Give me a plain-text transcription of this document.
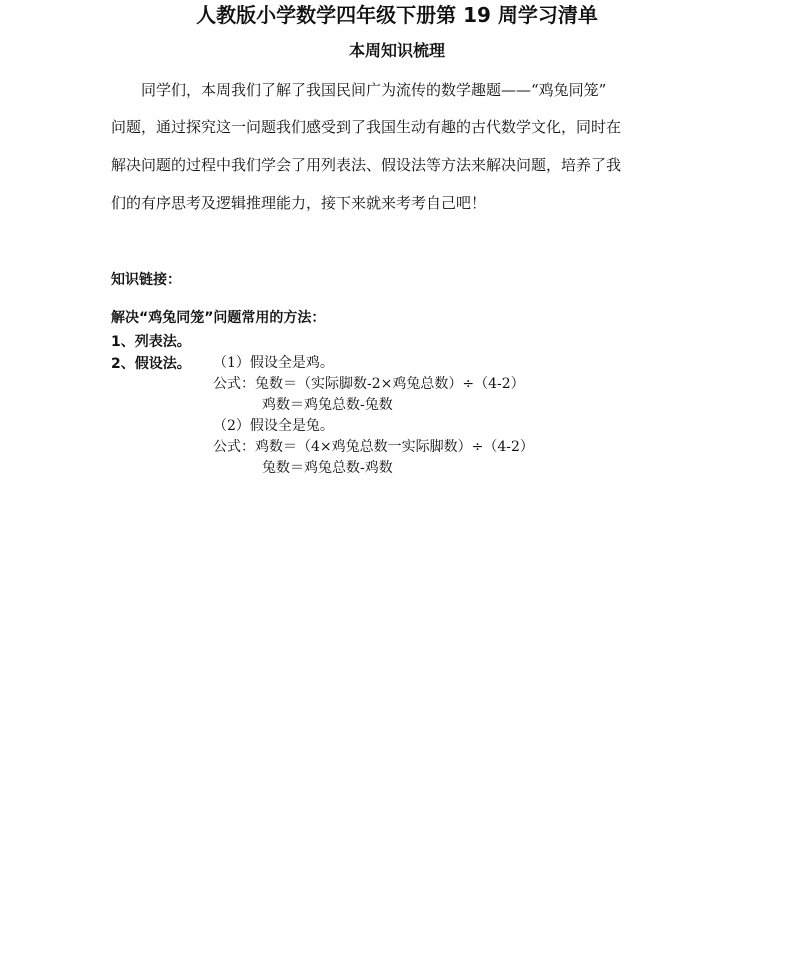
人教版小学数学四年级下册第 19 周学习清单
本周知识梳理
同学们，本周我们了解了我国民间广为流传的数学趣题——“鸡兔同笼”
问题，通过探究这一问题我们感受到了我国生动有趣的古代数学文化，同时在
解决问题的过程中我们学会了用列表法、假设法等方法来解决问题，培养了我
们的有序思考及逻辑推理能力，接下来就来考考自己吧！
知识链接：
解决“鸡兔同笼”问题常用的方法：
1、列表法。
2、假设法。	（1）假设全是鸡。
公式：兔数＝（实际脚数-2×鸡兔总数）÷（4-2）
鸡数＝鸡兔总数-兔数
（2）假设全是兔。
公式：鸡数＝（4×鸡兔总数一实际脚数）÷（4-2）
兔数＝鸡兔总数-鸡数
